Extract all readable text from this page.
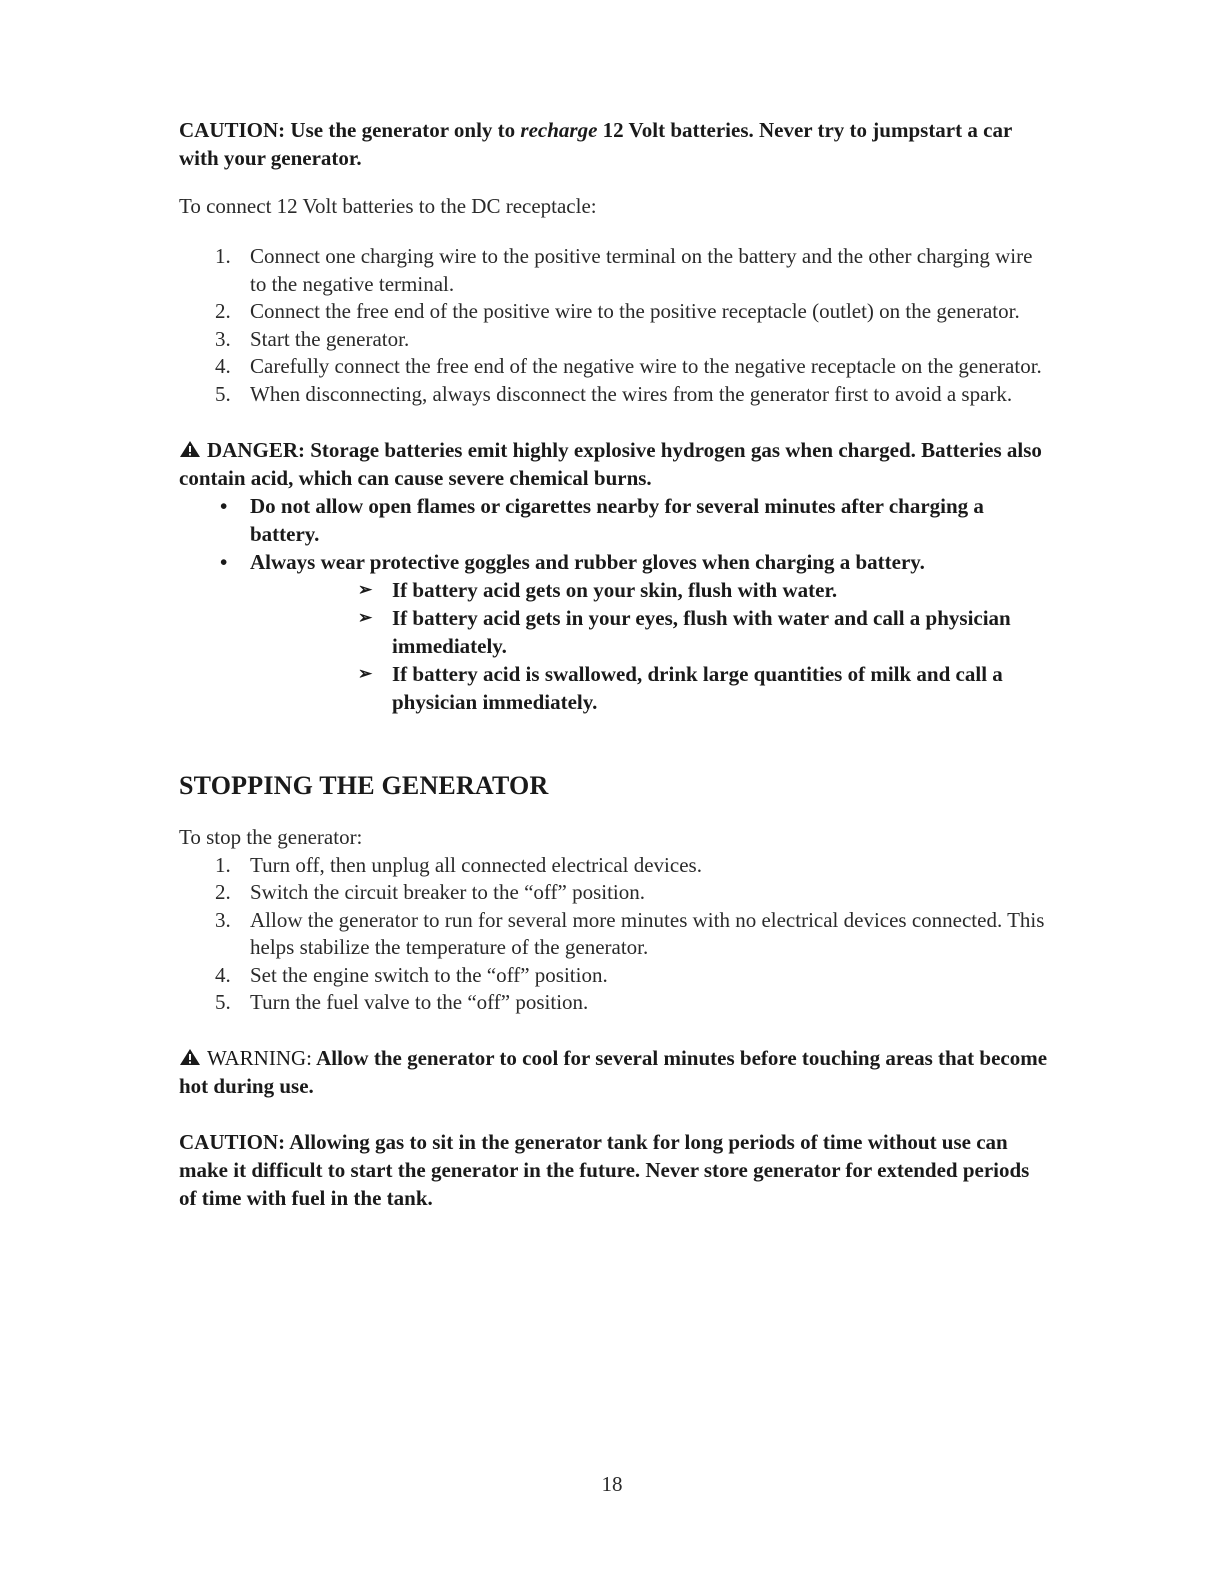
CAUTION: Use the generator only to recharge 12 Volt batteries. Never try to jumpstart a car with your generator.

To connect 12 Volt batteries to the DC receptacle:

1. Connect one charging wire to the positive terminal on the battery and the other charging wire to the negative terminal.
2. Connect the free end of the positive wire to the positive receptacle (outlet) on the generator.
3. Start the generator.
4. Carefully connect the free end of the negative wire to the negative receptacle on the generator.
5. When disconnecting, always disconnect the wires from the generator first to avoid a spark.

DANGER: Storage batteries emit highly explosive hydrogen gas when charged. Batteries also contain acid, which can cause severe chemical burns.

• Do not allow open flames or cigarettes nearby for several minutes after charging a battery.
• Always wear protective goggles and rubber gloves when charging a battery.
➢ If battery acid gets on your skin, flush with water.
➢ If battery acid gets in your eyes, flush with water and call a physician immediately.
➢ If battery acid is swallowed, drink large quantities of milk and call a physician immediately.
STOPPING THE GENERATOR

To stop the generator:

1. Turn off, then unplug all connected electrical devices.
2. Switch the circuit breaker to the “off” position.
3. Allow the generator to run for several more minutes with no electrical devices connected. This helps stabilize the temperature of the generator.
4. Set the engine switch to the “off” position.
5. Turn the fuel valve to the “off” position.

WARNING: Allow the generator to cool for several minutes before touching areas that become hot during use.

CAUTION: Allowing gas to sit in the generator tank for long periods of time without use can make it difficult to start the generator in the future. Never store generator for extended periods of time with fuel in the tank.

18
